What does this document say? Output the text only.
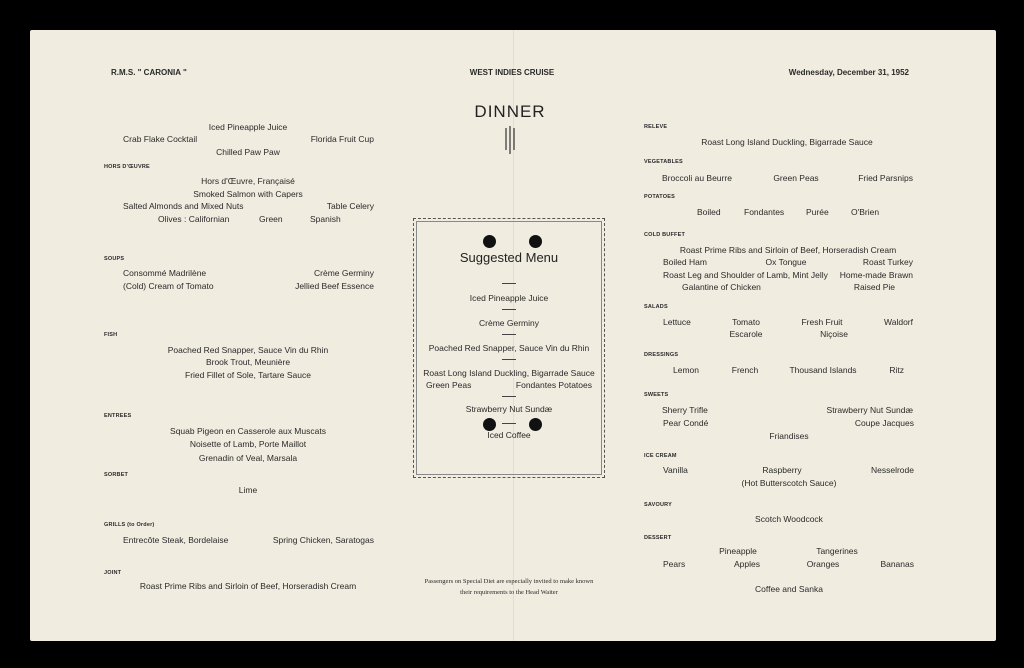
R.M.S. " CARONIA "	WEST INDIES CRUISE	Wednesday, December 31, 1952
Iced Pineapple Juice
Crab Flake Cocktail	Florida Fruit Cup
Chilled Paw Paw
HORS D'ŒUVRE
Hors d'Œuvre, Françaisé
Smoked Salmon with Capers
Salted Almonds and Mixed Nuts	Table Celery
Olives : Californian	Green	Spanish
SOUPS
Consommé Madrilène	Crème Germiny
(Cold) Cream of Tomato	Jellied Beef Essence
FISH
Poached Red Snapper, Sauce Vin du Rhin
Brook Trout, Meunière
Fried Fillet of Sole, Tartare Sauce
ENTREES
Squab Pigeon en Casserole aux Muscats
Noisette of Lamb, Porte Maillot
Grenadin of Veal, Marsala
SORBET
Lime
GRILLS (to Order)
Entrecôte Steak, Bordelaise	Spring Chicken, Saratogas
JOINT
Roast Prime Ribs and Sirloin of Beef, Horseradish Cream
DINNER
Suggested Menu
Iced Pineapple Juice
Crème Germiny
Poached Red Snapper, Sauce Vin du Rhin
Roast Long Island Duckling, Bigarrade Sauce
Green Peas	Fondantes Potatoes
Strawberry Nut Sundæ
Iced Coffee
Passengers on Special Diet are especially invited to make known
their requirements to the Head Waiter
RELEVE
Roast Long Island Duckling, Bigarrade Sauce
VEGETABLES
Broccoli au Beurre	Green Peas	Fried Parsnips
POTATOES
Boiled	Fondantes	Purée	O'Brien
COLD BUFFET
Roast Prime Ribs and Sirloin of Beef, Horseradish Cream
Boiled Ham	Ox Tongue	Roast Turkey
Roast Leg and Shoulder of Lamb, Mint Jelly Home-made Brawn
Galantine of Chicken	Raised Pie
SALADS
Lettuce	Tomato	Fresh Fruit	Waldorf
Escarole	Niçoise
DRESSINGS
Lemon	French	Thousand Islands	Ritz
SWEETS
Sherry Trifle	Strawberry Nut Sundæ
Pear Condé	Coupe Jacques
Friandises
ICE CREAM
Vanilla	Raspberry	Nesselrode
(Hot Butterscotch Sauce)
SAVOURY
Scotch Woodcock
DESSERT
Pineapple	Tangerines
Pears	Apples	Oranges	Bananas
Coffee and Sanka
